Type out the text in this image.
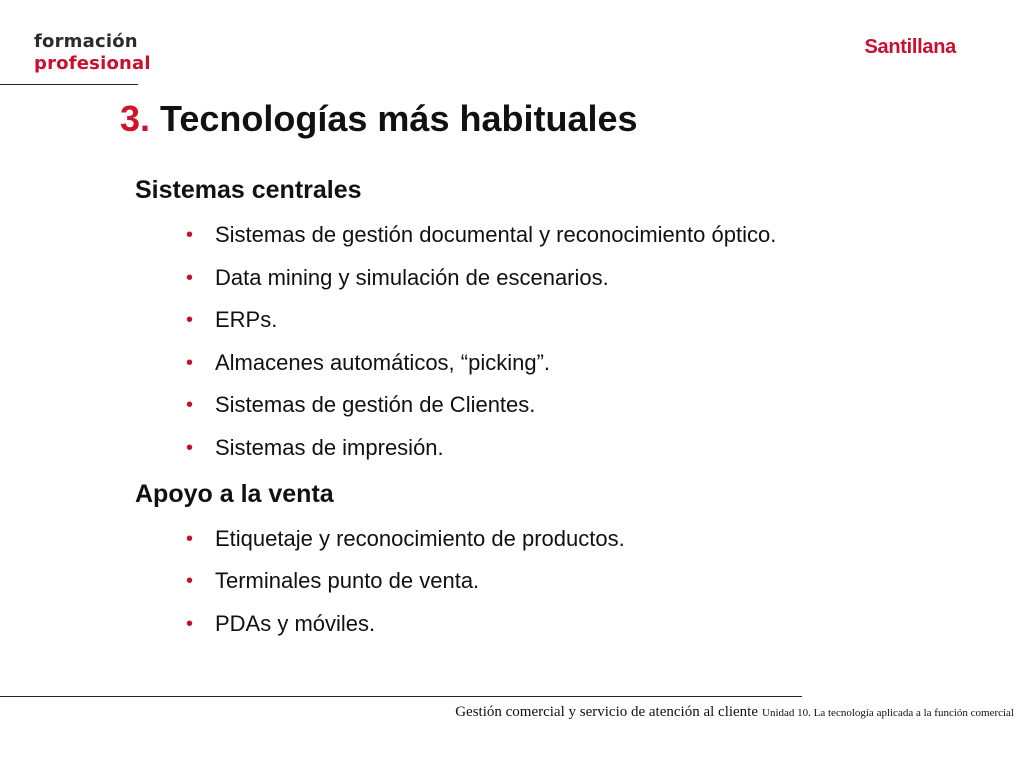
formación
profesional
Santillana
3. Tecnologías más habituales
Sistemas centrales
• Sistemas de gestión documental y reconocimiento óptico.
• Data mining y simulación de escenarios.
• ERPs.
• Almacenes automáticos, “picking”.
• Sistemas de gestión de Clientes.
• Sistemas de impresión.
Apoyo a la venta
• Etiquetaje y reconocimiento de productos.
• Terminales punto de venta.
• PDAs y móviles.
Gestión comercial y servicio de atención al cliente Unidad 10. La tecnología aplicada a la función comercial
